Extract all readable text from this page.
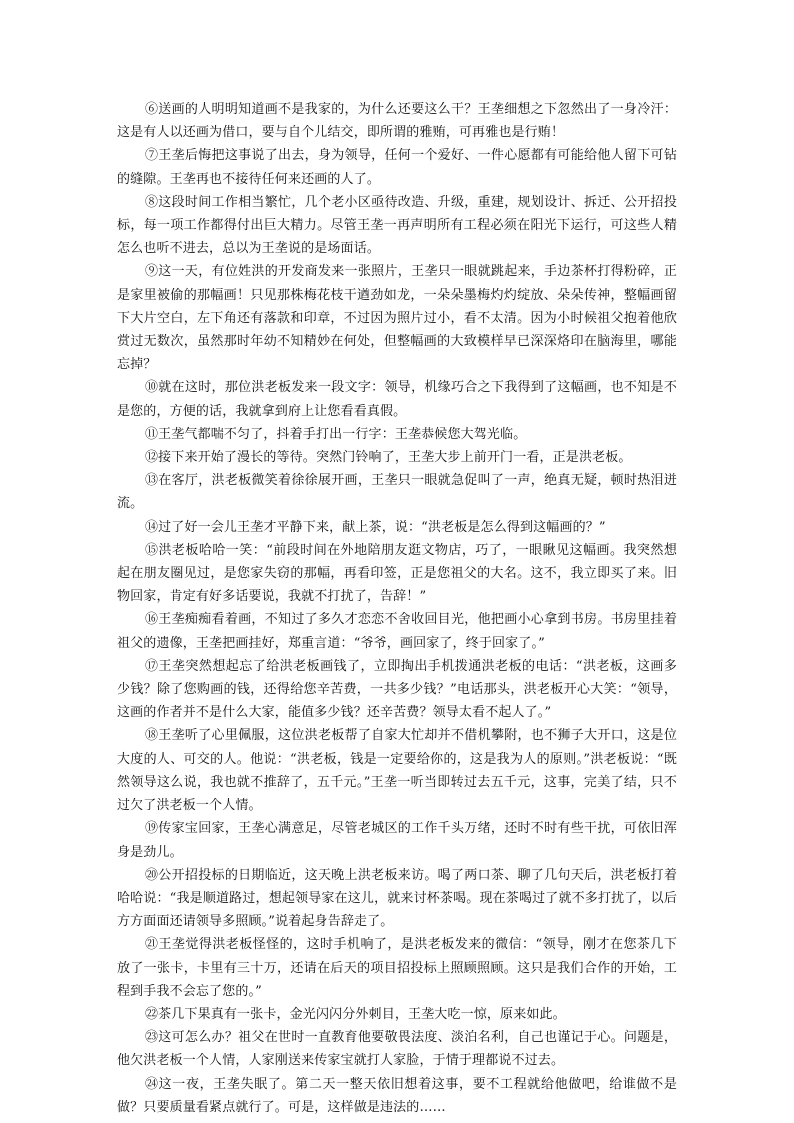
⑥送画的人明明知道画不是我家的，为什么还要这么干？王垄细想之下忽然出了一身冷汗：这是有人以还画为借口，要与自个儿结交，即所谓的雅贿，可再雅也是行贿！

⑦王垄后悔把这事说了出去，身为领导，任何一个爱好、一件心愿都有可能给他人留下可钻的缝隙。王垄再也不接待任何来还画的人了。

⑧这段时间工作相当繁忙，几个老小区亟待改造、升级，重建，规划设计、拆迁、公开招投标，每一项工作都得付出巨大精力。尽管王垄一再声明所有工程必须在阳光下运行，可这些人精怎么也听不进去，总以为王垄说的是场面话。

⑨这一天，有位姓洪的开发商发来一张照片，王垄只一眼就跳起来，手边茶杯打得粉碎，正是家里被偷的那幅画！只见那株梅花枝干遒劲如龙，一朵朵墨梅灼灼绽放、朵朵传神，整幅画留下大片空白，左下角还有落款和印章，不过因为照片过小，看不太清。因为小时候祖父抱着他欣赏过无数次，虽然那时年幼不知精妙在何处，但整幅画的大致模样早已深深烙印在脑海里，哪能忘掉？

⑩就在这时，那位洪老板发来一段文字：领导，机缘巧合之下我得到了这幅画，也不知是不是您的，方便的话，我就拿到府上让您看看真假。

⑪王垄气都喘不匀了，抖着手打出一行字：王垄恭候您大驾光临。

⑫接下来开始了漫长的等待。突然门铃响了，王垄大步上前开门一看，正是洪老板。

⑬在客厅，洪老板微笑着徐徐展开画，王垄只一眼就急促叫了一声，绝真无疑，顿时热泪迸流。

⑭过了好一会儿王垄才平静下来，献上茶，说：“洪老板是怎么得到这幅画的？”

⑮洪老板哈哈一笑：“前段时间在外地陪朋友逛文物店，巧了，一眼瞅见这幅画。我突然想起在朋友圈见过，是您家失窃的那幅，再看印签，正是您祖父的大名。这不，我立即买了来。旧物回家，肯定有好多话要说，我就不打扰了，告辞！”

⑯王垄痴痴看着画，不知过了多久才恋恋不舍收回目光，他把画小心拿到书房。书房里挂着祖父的遗像，王垄把画挂好，郑重言道：“爷爷，画回家了，终于回家了。”

⑰王垄突然想起忘了给洪老板画钱了，立即掏出手机拨通洪老板的电话：“洪老板，这画多少钱？除了您购画的钱，还得给您辛苦费，一共多少钱？”电话那头，洪老板开心大笑：“领导，这画的作者并不是什么大家，能值多少钱？还辛苦费？领导太看不起人了。”

⑱王垄听了心里佩服，这位洪老板帮了自家大忙却并不借机攀附，也不狮子大开口，这是位大度的人、可交的人。他说：“洪老板，钱是一定要给你的，这是我为人的原则。”洪老板说：“既然领导这么说，我也就不推辞了，五千元。”王垄一听当即转过去五千元，这事，完美了结，只不过欠了洪老板一个人情。

⑲传家宝回家，王垄心满意足，尽管老城区的工作千头万绪，还时不时有些干扰，可依旧浑身是劲儿。

⑳公开招投标的日期临近，这天晚上洪老板来访。喝了两口茶、聊了几句天后，洪老板打着哈哈说：“我是顺道路过，想起领导家在这儿，就来讨杯茶喝。现在茶喝过了就不多打扰了，以后方方面面还请领导多照顾。”说着起身告辞走了。

㉑王垄觉得洪老板怪怪的，这时手机响了，是洪老板发来的微信：“领导，刚才在您茶几下放了一张卡，卡里有三十万，还请在后天的项目招投标上照顾照顾。这只是我们合作的开始，工程到手我不会忘了您的。”

㉒茶几下果真有一张卡，金光闪闪分外刺目，王垄大吃一惊，原来如此。

㉓这可怎么办？祖父在世时一直教育他要敬畏法度、淡泊名利，自己也谨记于心。问题是，他欠洪老板一个人情，人家刚送来传家宝就打人家脸，于情于理都说不过去。

㉔这一夜，王垄失眠了。第二天一整天依旧想着这事，要不工程就给他做吧，给谁做不是做？只要质量看紧点就行了。可是，这样做是违法的……
